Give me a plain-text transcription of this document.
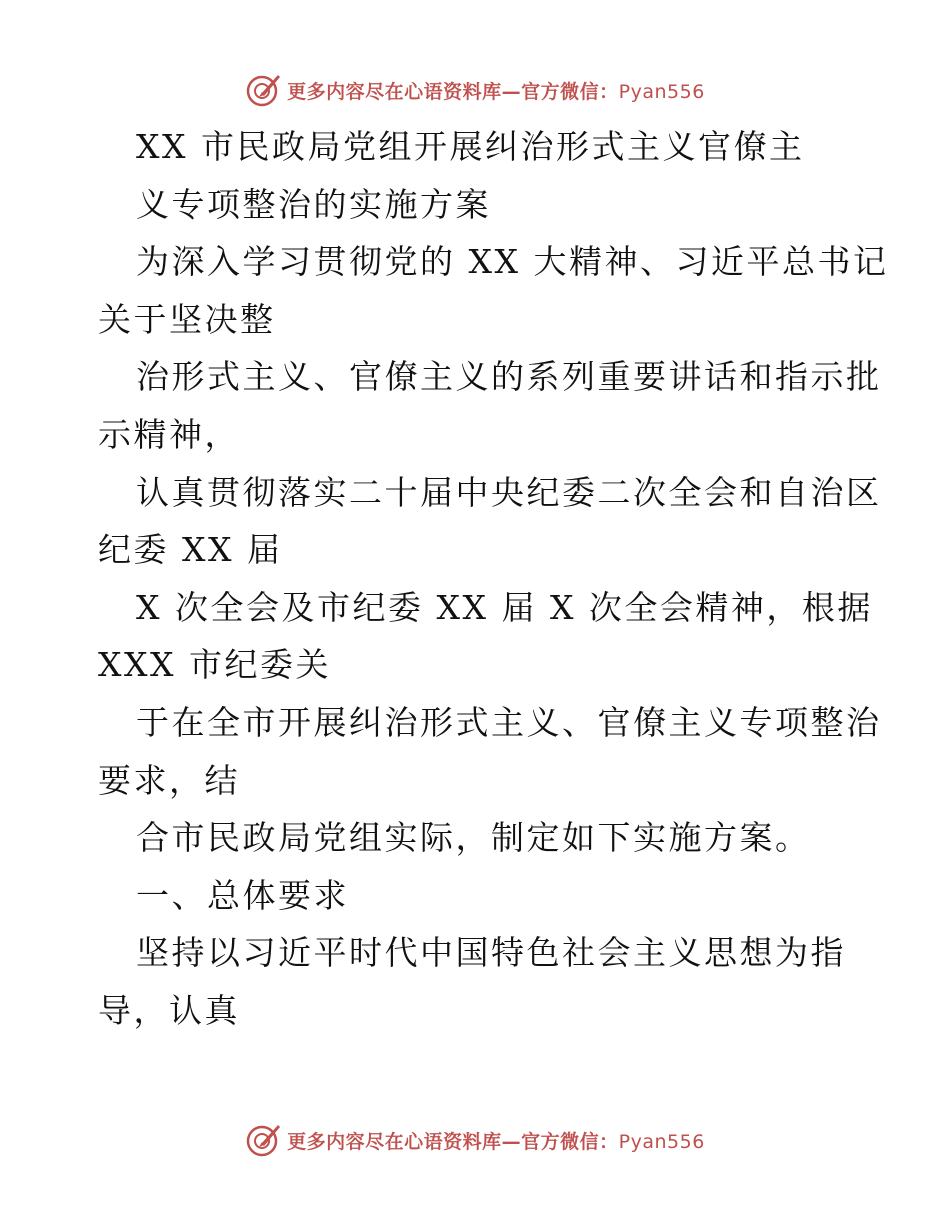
更多内容尽在心语资料库—官方微信：Pyan556
XX 市民政局党组开展纠治形式主义官僚主
义专项整治的实施方案
为深入学习贯彻党的 XX 大精神、习近平总书记
关于坚决整
治形式主义、官僚主义的系列重要讲话和指示批
示精神，
认真贯彻落实二十届中央纪委二次全会和自治区
纪委 XX 届
X 次全会及市纪委 XX 届 X 次全会精神，根据
XXX 市纪委关
于在全市开展纠治形式主义、官僚主义专项整治
要求，结
合市民政局党组实际，制定如下实施方案。
一、总体要求
坚持以习近平时代中国特色社会主义思想为指
导，认真
更多内容尽在心语资料库—官方微信：Pyan556
